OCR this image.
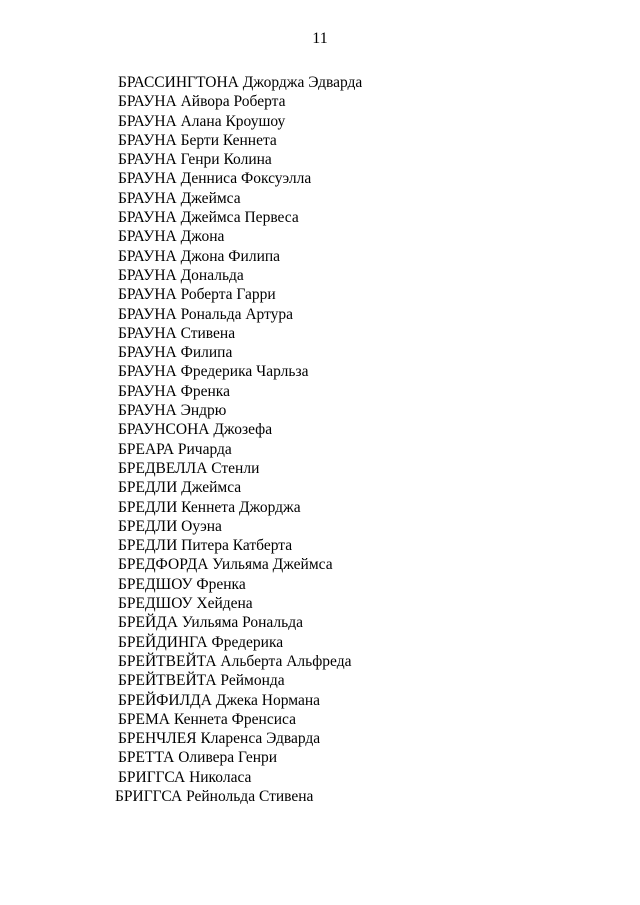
11
БРАССИНГТОНА Джорджа Эдварда
БРАУНА Айвора Роберта
БРАУНА Алана Кроушоу
БРАУНА Берти Кеннета
БРАУНА Генри Колина
БРАУНА Денниса Фоксуэлла
БРАУНА Джеймса
БРАУНА Джеймса Первеса
БРАУНА Джона
БРАУНА Джона Филипа
БРАУНА Дональда
БРАУНА Роберта Гарри
БРАУНА Рональда Артура
БРАУНА Стивена
БРАУНА Филипа
БРАУНА Фредерика Чарльза
БРАУНА Френка
БРАУНА Эндрю
БРАУНСОНА Джозефа
БРЕАРА Ричарда
БРЕДВЕЛЛА Стенли
БРЕДЛИ Джеймса
БРЕДЛИ Кеннета Джорджа
БРЕДЛИ Оуэна
БРЕДЛИ Питера Катберта
БРЕДФОРДА Уильяма Джеймса
БРЕДШОУ Френка
БРЕДШОУ Хейдена
БРЕЙДА Уильяма Рональда
БРЕЙДИНГА Фредерика
БРЕЙТВЕЙТА Альберта Альфреда
БРЕЙТВЕЙТА Реймонда
БРЕЙФИЛДА Джека Нормана
БРЕМА Кеннета Френсиса
БРЕНЧЛЕЯ Кларенса Эдварда
БРЕТТА Оливера Генри
БРИГГСА Николаса
БРИГГСА Рейнольда Стивена
